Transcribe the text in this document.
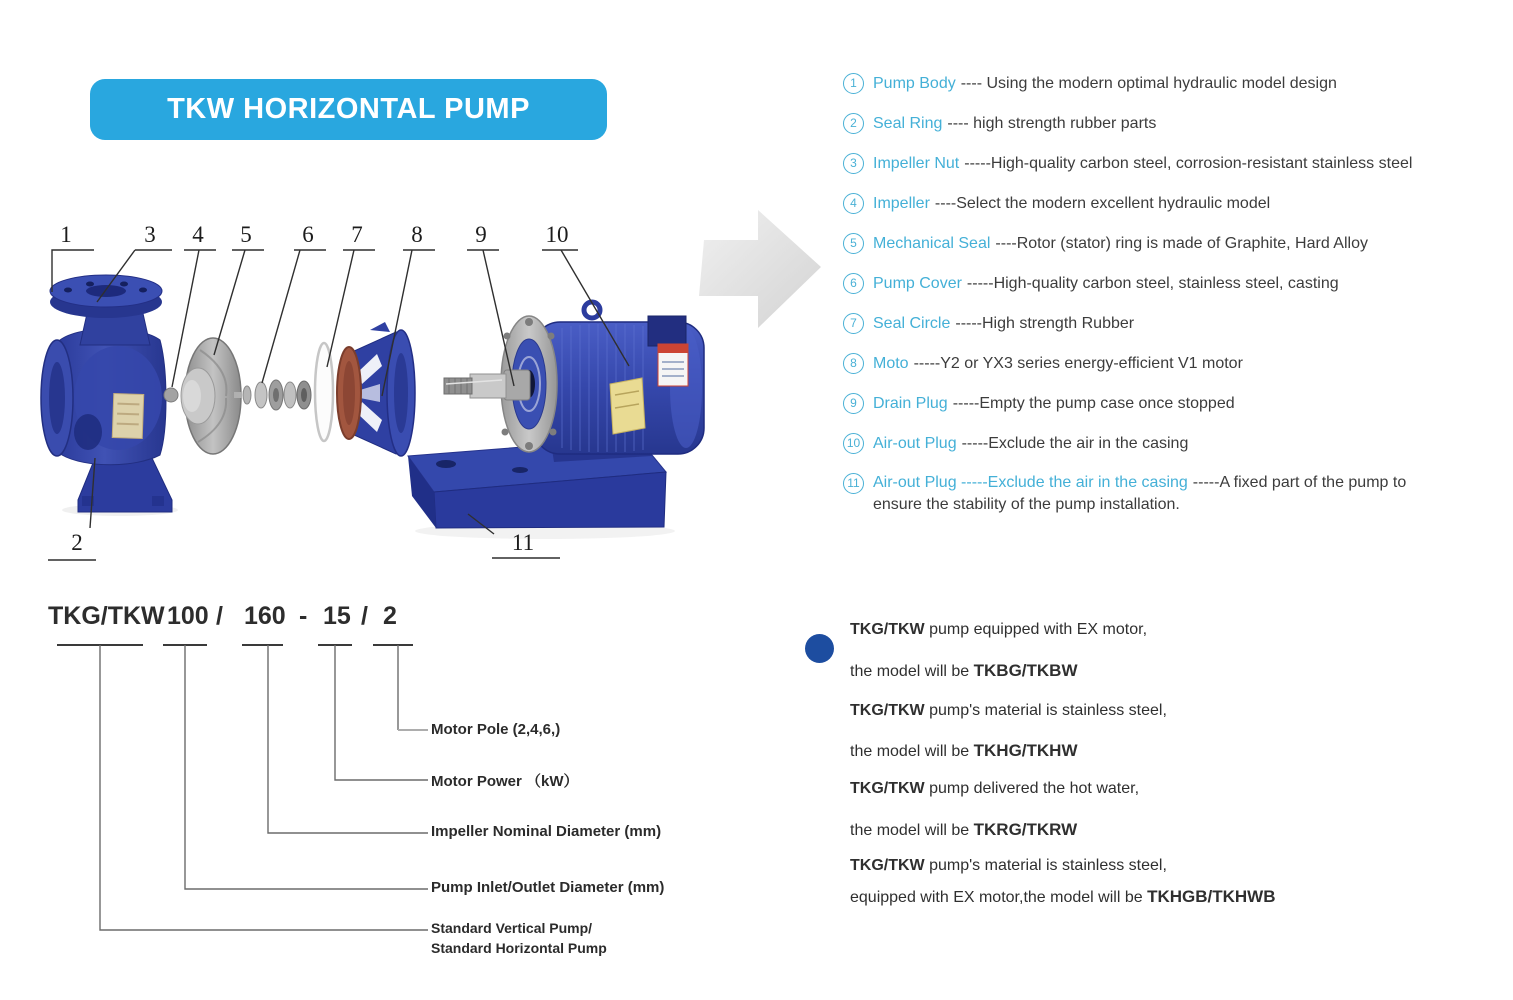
1	3 4 5 6 7 8 9	10
2	11
TKW HORIZONTAL PUMP
1	Pump Body ---- Using the modern optimal hydraulic model design
2	Seal Ring ---- high strength rubber parts
3	Impeller Nut -----High-quality carbon steel, corrosion-resistant stainless steel
4	Impeller ----Select the modern excellent hydraulic model
5	Mechanical Seal ----Rotor (stator) ring is made of Graphite, Hard Alloy
6	Pump Cover -----High-quality carbon steel, stainless steel, casting
7	Seal Circle -----High strength Rubber
8	Moto -----Y2 or YX3 series energy-efficient V1 motor
9	Drain Plug -----Empty the pump case once stopped
10 Air-out Plug -----Exclude the air in the casing
11 Air-out Plug -----Exclude the air in the casing -----A fixed part of the pump to
ensure the stability of the pump installation.
TKG/TKW 100 / 160 - 15 / 2
Motor Pole (2,4,6,)
Motor Power （kW）
Impeller Nominal Diameter (mm)
Pump Inlet/Outlet Diameter (mm)
Standard Vertical Pump/
Standard Horizontal Pump
TKG/TKW pump equipped with EX motor,
the model will be TKBG/TKBW
TKG/TKW pump's material is stainless steel,
the model will be TKHG/TKHW
TKG/TKW pump delivered the hot water,
the model will be TKRG/TKRW
TKG/TKW pump's material is stainless steel,
equipped with EX motor,the model will be TKHGB/TKHWB
